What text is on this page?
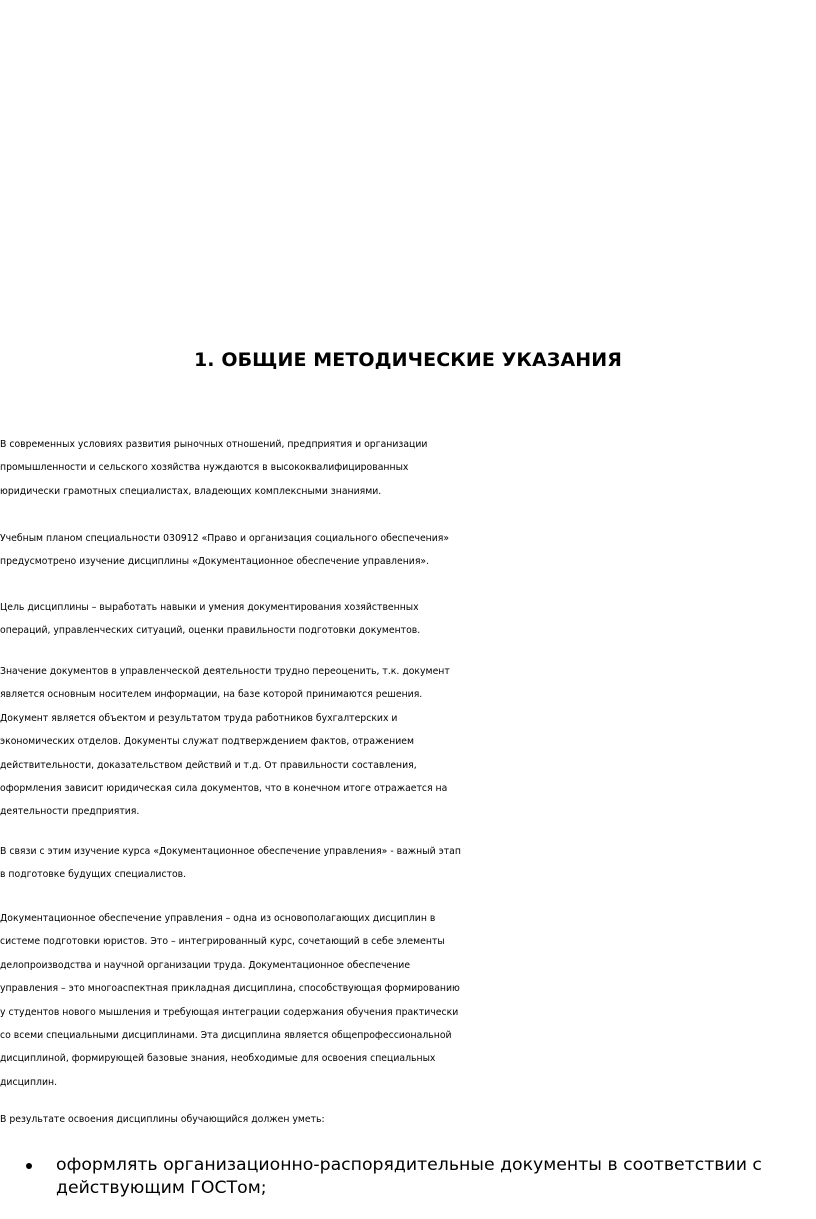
1. ОБЩИЕ МЕТОДИЧЕСКИЕ УКАЗАНИЯ
В современных условиях развития рыночных отношений, предприятия и организации
промышленности и сельского хозяйства нуждаются в высококвалифицированных
юридически грамотных специалистах, владеющих комплексными знаниями.
Учебным планом специальности 030912 «Право и организация социального обеспечения»
предусмотрено изучение дисциплины «Документационное обеспечение управления».
Цель дисциплины – выработать навыки и умения документирования хозяйственных
операций, управленческих ситуаций, оценки правильности подготовки документов.
Значение документов в управленческой деятельности трудно переоценить, т.к. документ
является основным носителем информации, на базе которой принимаются решения.
Документ является объектом и результатом труда работников бухгалтерских и
экономических отделов. Документы служат подтверждением фактов, отражением
действительности, доказательством действий и т.д. От правильности составления,
оформления зависит юридическая сила документов, что в конечном итоге отражается на
деятельности предприятия.
В связи с этим изучение курса «Документационное обеспечение управления» - важный этап
в подготовке будущих специалистов.
Документационное обеспечение управления – одна из основополагающих дисциплин в
системе подготовки юристов. Это – интегрированный курс, сочетающий в себе элементы
делопроизводства и научной организации труда. Документационное обеспечение
управления – это многоаспектная прикладная дисциплина, способствующая формированию
у студентов нового мышления и требующая интеграции содержания обучения практически
со всеми специальными дисциплинами. Эта дисциплина является общепрофессиональной
дисциплиной, формирующей базовые знания, необходимые для освоения специальных
дисциплин.
В результате освоения дисциплины обучающийся должен уметь:
оформлять организационно-распорядительные документы в соответствии с
действующим ГОСТом;
